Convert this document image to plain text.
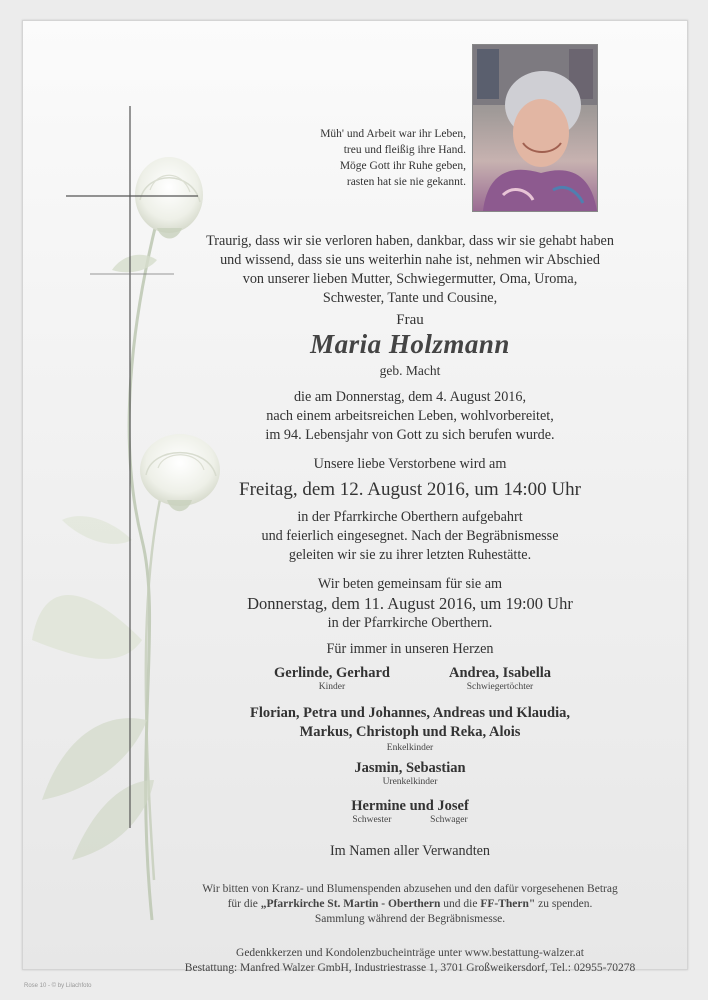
Müh' und Arbeit war ihr Leben,
treu und fleißig ihre Hand.
Möge Gott ihr Ruhe geben,
rasten hat sie nie gekannt.
Traurig, dass wir sie verloren haben, dankbar, dass wir sie gehabt haben
und wissend, dass sie uns weiterhin nahe ist, nehmen wir Abschied
von unserer lieben Mutter, Schwiegermutter, Oma, Uroma,
Schwester, Tante und Cousine,
Frau
Maria Holzmann
geb. Macht
die am Donnerstag, dem 4. August 2016,
nach einem arbeitsreichen Leben, wohlvorbereitet,
im 94. Lebensjahr von Gott zu sich berufen wurde.
Unsere liebe Verstorbene wird am
Freitag, dem 12. August 2016, um 14:00 Uhr
in der Pfarrkirche Oberthern aufgebahrt
und feierlich eingesegnet. Nach der Begräbnismesse
geleiten wir sie zu ihrer letzten Ruhestätte.
Wir beten gemeinsam für sie am
Donnerstag, dem 11. August 2016, um 19:00 Uhr
in der Pfarrkirche Oberthern.
Für immer in unseren Herzen
Gerlinde, Gerhard
Kinder
Andrea, Isabella
Schwiegertöchter
Florian, Petra und Johannes, Andreas und Klaudia,
Markus, Christoph und Reka, Alois
Enkelkinder
Jasmin, Sebastian
Urenkelkinder
Hermine und Josef
Schwester	Schwager
Im Namen aller Verwandten
Wir bitten von Kranz- und Blumenspenden abzusehen und den dafür vorgesehenen Betrag
für die „Pfarrkirche St. Martin - Oberthern und die FF-Thern" zu spenden.
Sammlung während der Begräbnismesse.
Gedenkkerzen und Kondolenzbucheinträge unter www.bestattung-walzer.at
Bestattung: Manfred Walzer GmbH, Industriestrasse 1, 3701 Großweikersdorf, Tel.: 02955-70278
Rose 10 - © by Lilachfoto
